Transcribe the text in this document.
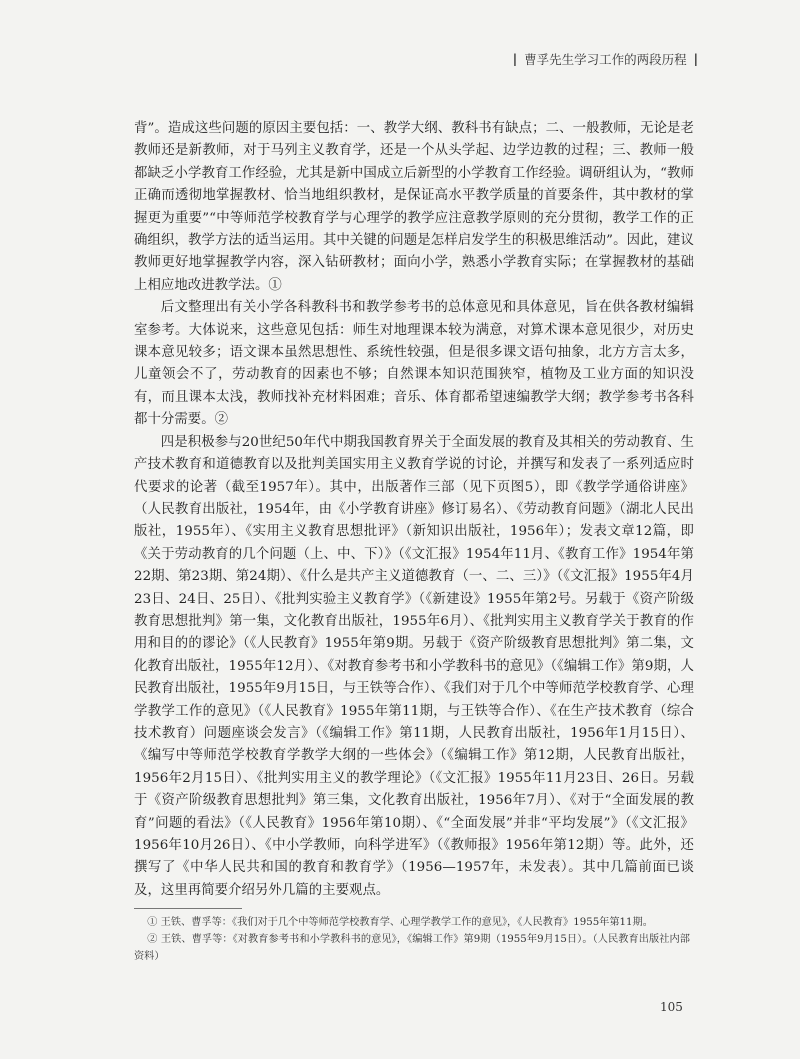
| 曹孚先生学习工作的两段历程 |

背”。造成这些问题的原因主要包括：一、教学大纲、教科书有缺点；二、一般教师，无论是老教师还是新教师，对于马列主义教育学，还是一个从头学起、边学边教的过程；三、教师一般都缺乏小学教育工作经验，尤其是新中国成立后新型的小学教育工作经验。调研组认为，“教师正确而透彻地掌握教材、恰当地组织教材，是保证高水平教学质量的首要条件，其中教材的掌握更为重要”“中等师范学校教育学与心理学的教学应注意教学原则的充分贯彻，教学工作的正确组织，教学方法的适当运用。其中关键的问题是怎样启发学生的积极思维活动”。因此，建议教师更好地掌握教学内容，深入钻研教材；面向小学，熟悉小学教育实际；在掌握教材的基础上相应地改进教学法。①

后文整理出有关小学各科教科书和教学参考书的总体意见和具体意见，旨在供各教材编辑室参考。大体说来，这些意见包括：师生对地理课本较为满意，对算术课本意见很少，对历史课本意见较多；语文课本虽然思想性、系统性较强，但是很多课文语句抽象，北方方言太多，儿童领会不了，劳动教育的因素也不够；自然课本知识范围狭窄，植物及工业方面的知识没有，而且课本太浅，教师找补充材料困难；音乐、体育都希望速编教学大纲；教学参考书各科都十分需要。②

四是积极参与20世纪50年代中期我国教育界关于全面发展的教育及其相关的劳动教育、生产技术教育和道德教育以及批判美国实用主义教育学说的讨论，并撰写和发表了一系列适应时代要求的论著（截至1957年）。其中，出版著作三部（见下页图5），即《教学学通俗讲座》（人民教育出版社，1954年，由《小学教育讲座》修订易名）、《劳动教育问题》（湖北人民出版社，1955年）、《实用主义教育思想批评》（新知识出版社，1956年）；发表文章12篇，即《关于劳动教育的几个问题（上、中、下）》（《文汇报》1954年11月、《教育工作》1954年第22期、第23期、第24期）、《什么是共产主义道德教育（一、二、三）》（《文汇报》1955年4月23日、24日、25日）、《批判实验主义教育学》（《新建设》1955年第2号。另载于《资产阶级教育思想批判》第一集，文化教育出版社，1955年6月）、《批判实用主义教育学关于教育的作用和目的的谬论》（《人民教育》1955年第9期。另载于《资产阶级教育思想批判》第二集，文化教育出版社，1955年12月）、《对教育参考书和小学教科书的意见》（《编辑工作》第9期，人民教育出版社，1955年9月15日，与王铁等合作）、《我们对于几个中等师范学校教育学、心理学教学工作的意见》（《人民教育》1955年第11期，与王铁等合作）、《在生产技术教育（综合技术教育）问题座谈会发言》（《编辑工作》第11期，人民教育出版社，1956年1月15日）、《编写中等师范学校教育学教学大纲的一些体会》（《编辑工作》第12期，人民教育出版社，1956年2月15日）、《批判实用主义的教学理论》（《文汇报》1955年11月23日、26日。另载于《资产阶级教育思想批判》第三集，文化教育出版社，1956年7月）、《对于“全面发展的教育”问题的看法》（《人民教育》1956年第10期）、《“全面发展”并非“平均发展”》（《文汇报》1956年10月26日）、《中小学教师，向科学进军》（《教师报》1956年第12期）等。此外，还撰写了《中华人民共和国的教育和教育学》（1956—1957年，未发表）。其中几篇前面已谈及，这里再简要介绍另外几篇的主要观点。

① 王铁、曹孚等：《我们对于几个中等师范学校教育学、心理学教学工作的意见》，《人民教育》1955年第11期。

② 王铁、曹孚等：《对教育参考书和小学教科书的意见》，《编辑工作》第9期（1955年9月15日）。（人民教育出版社内部资料）

105
